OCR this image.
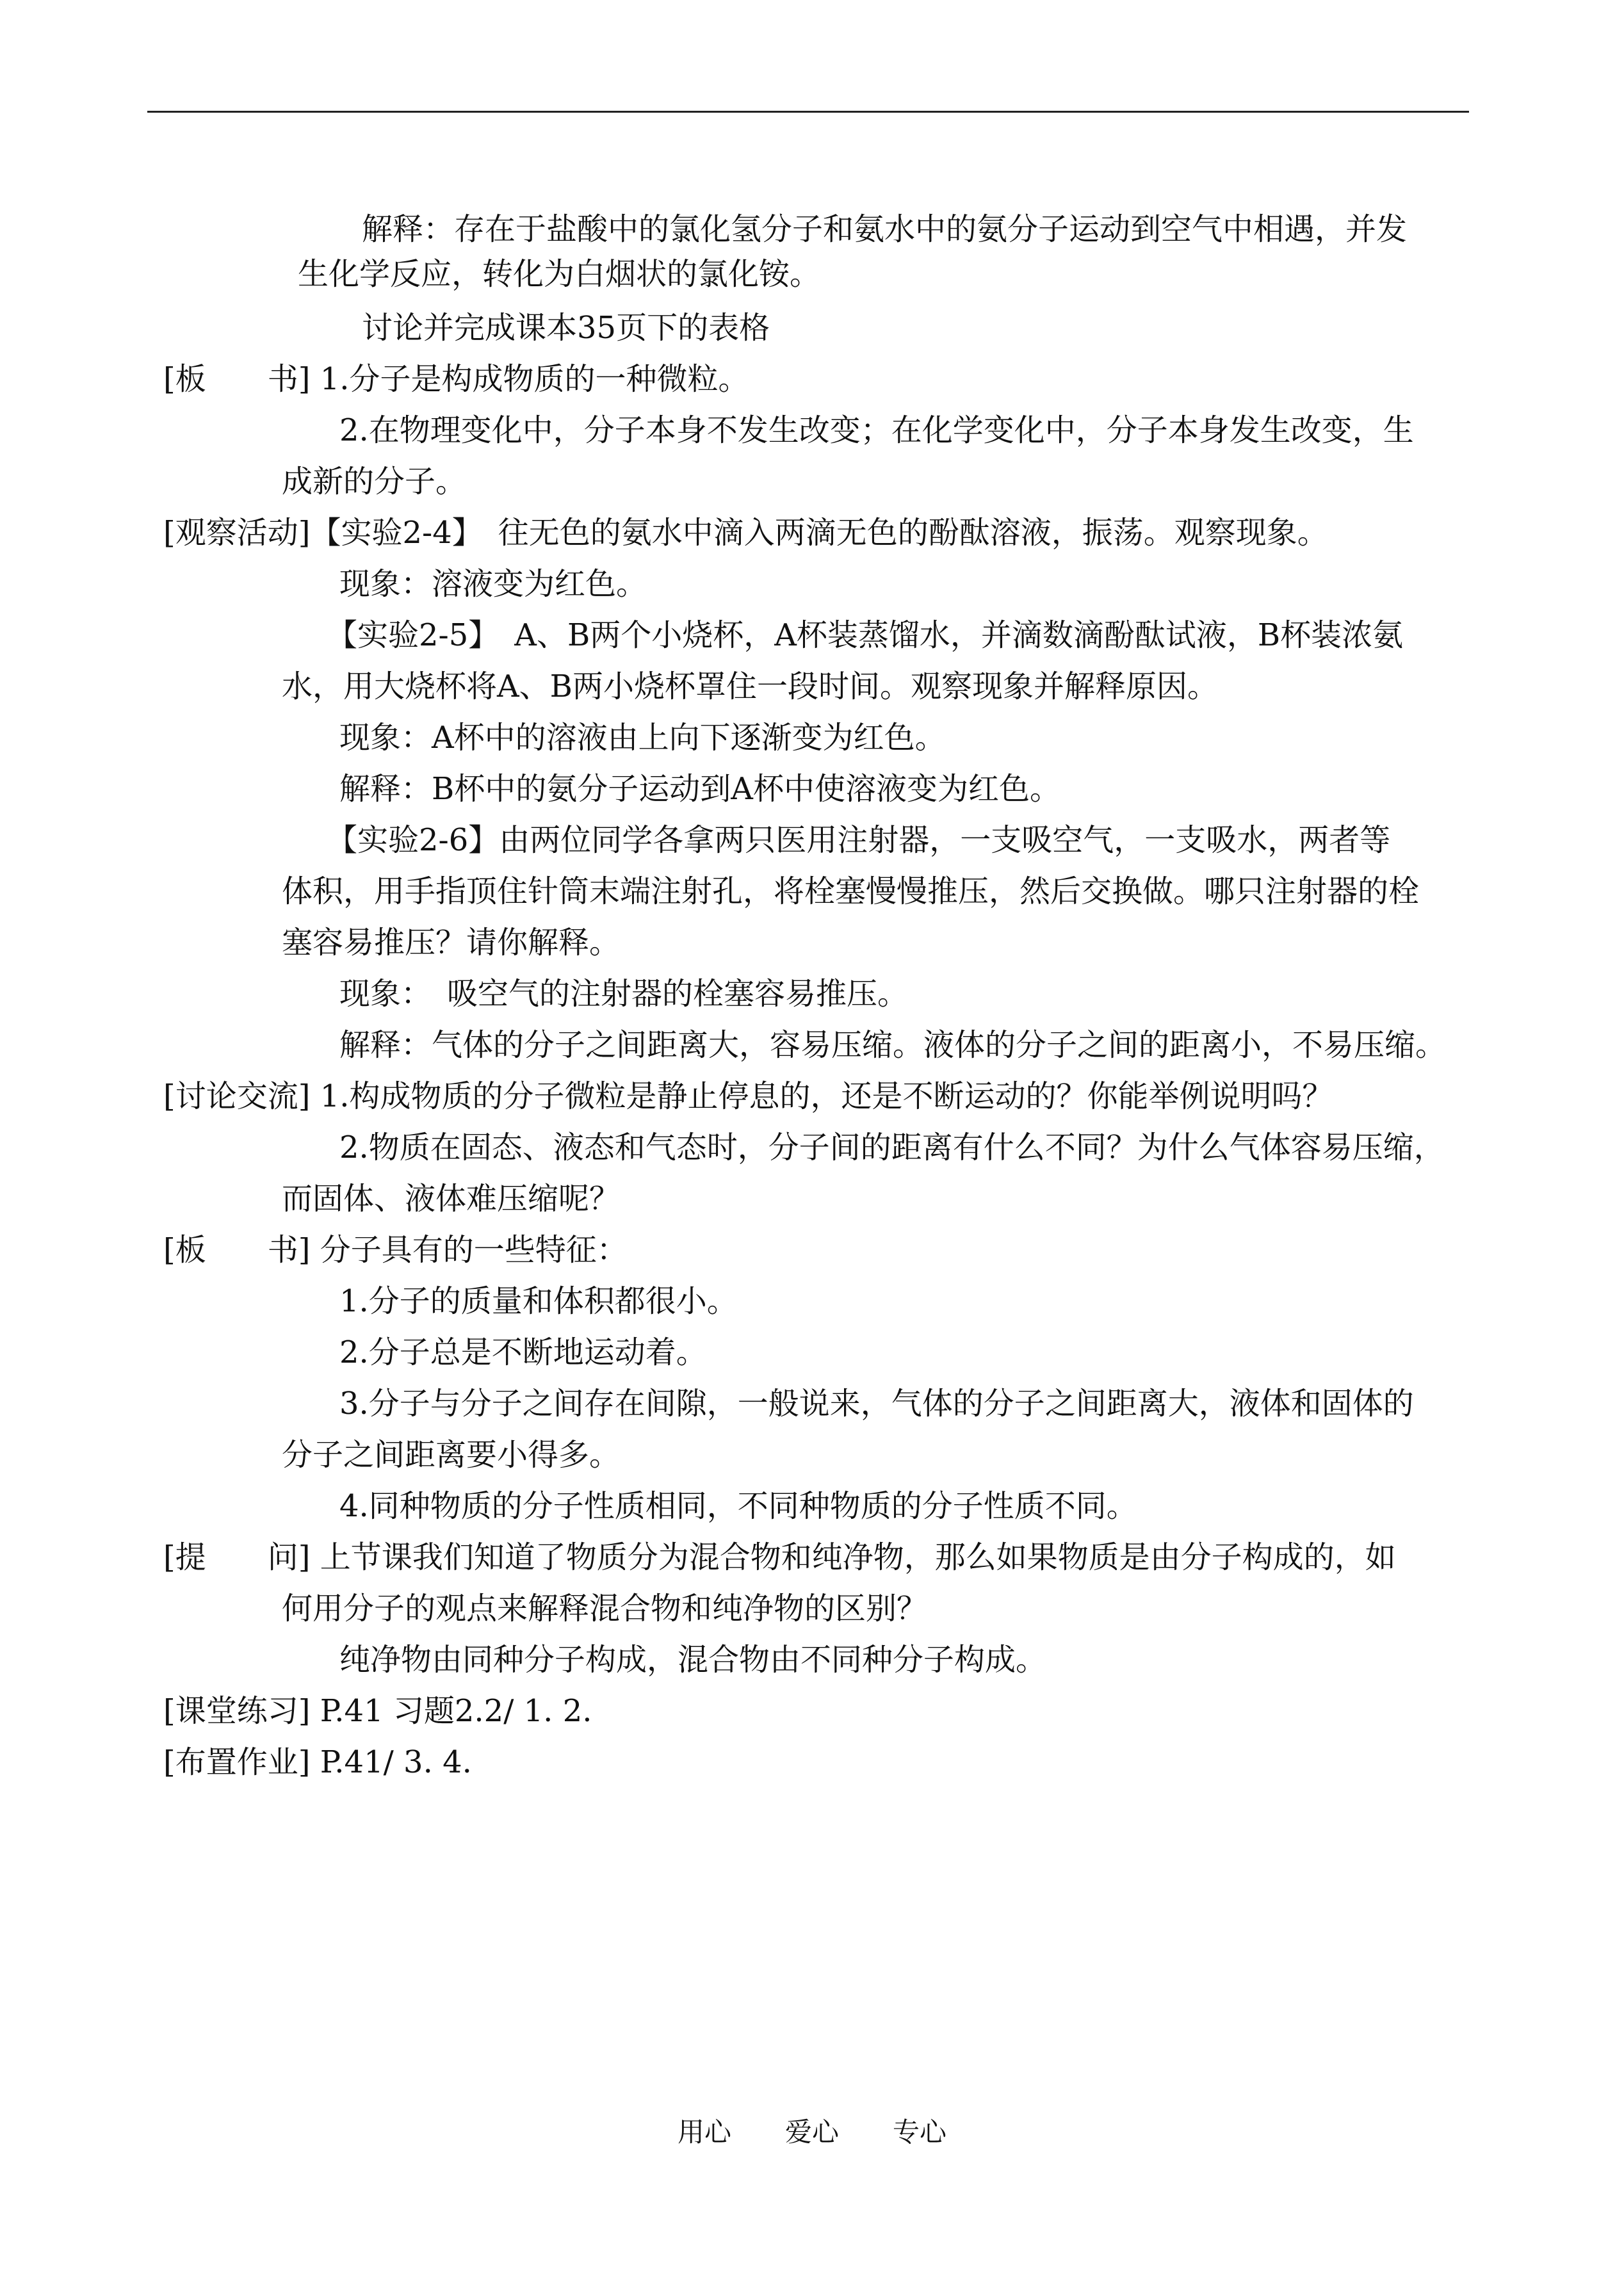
解释：存在于盐酸中的氯化氢分子和氨水中的氨分子运动到空气中相遇，并发
生化学反应，转化为白烟状的氯化铵。
讨论并完成课本35页下的表格
[板　　书] 1.分子是构成物质的一种微粒。
2.在物理变化中，分子本身不发生改变；在化学变化中，分子本身发生改变，生
成新的分子。
[观察活动]【实验2-4】　往无色的氨水中滴入两滴无色的酚酞溶液，振荡。观察现象。
现象：溶液变为红色。
【实验2-5】　A、B两个小烧杯，A杯装蒸馏水，并滴数滴酚酞试液，B杯装浓氨
水，用大烧杯将A、B两小烧杯罩住一段时间。观察现象并解释原因。
现象：A杯中的溶液由上向下逐渐变为红色。
解释：B杯中的氨分子运动到A杯中使溶液变为红色。
【实验2-6】由两位同学各拿两只医用注射器，一支吸空气，一支吸水，两者等
体积，用手指顶住针筒末端注射孔，将栓塞慢慢推压，然后交换做。哪只注射器的栓
塞容易推压？请你解释。
现象：　吸空气的注射器的栓塞容易推压。
解释：气体的分子之间距离大，容易压缩。液体的分子之间的距离小，不易压缩。
[讨论交流] 1.构成物质的分子微粒是静止停息的，还是不断运动的？你能举例说明吗？
2.物质在固态、液态和气态时，分子间的距离有什么不同？为什么气体容易压缩，
而固体、液体难压缩呢？
[板　　书] 分子具有的一些特征：
1.分子的质量和体积都很小。
2.分子总是不断地运动着。
3.分子与分子之间存在间隙，一般说来，气体的分子之间距离大，液体和固体的
分子之间距离要小得多。
4.同种物质的分子性质相同，不同种物质的分子性质不同。
[提　　问] 上节课我们知道了物质分为混合物和纯净物，那么如果物质是由分子构成的，如
何用分子的观点来解释混合物和纯净物的区别？
纯净物由同种分子构成，混合物由不同种分子构成。
[课堂练习] P.41 习题2.2/ 1. 2.
[布置作业] P.41/ 3. 4.
用心　　爱心　　专心
